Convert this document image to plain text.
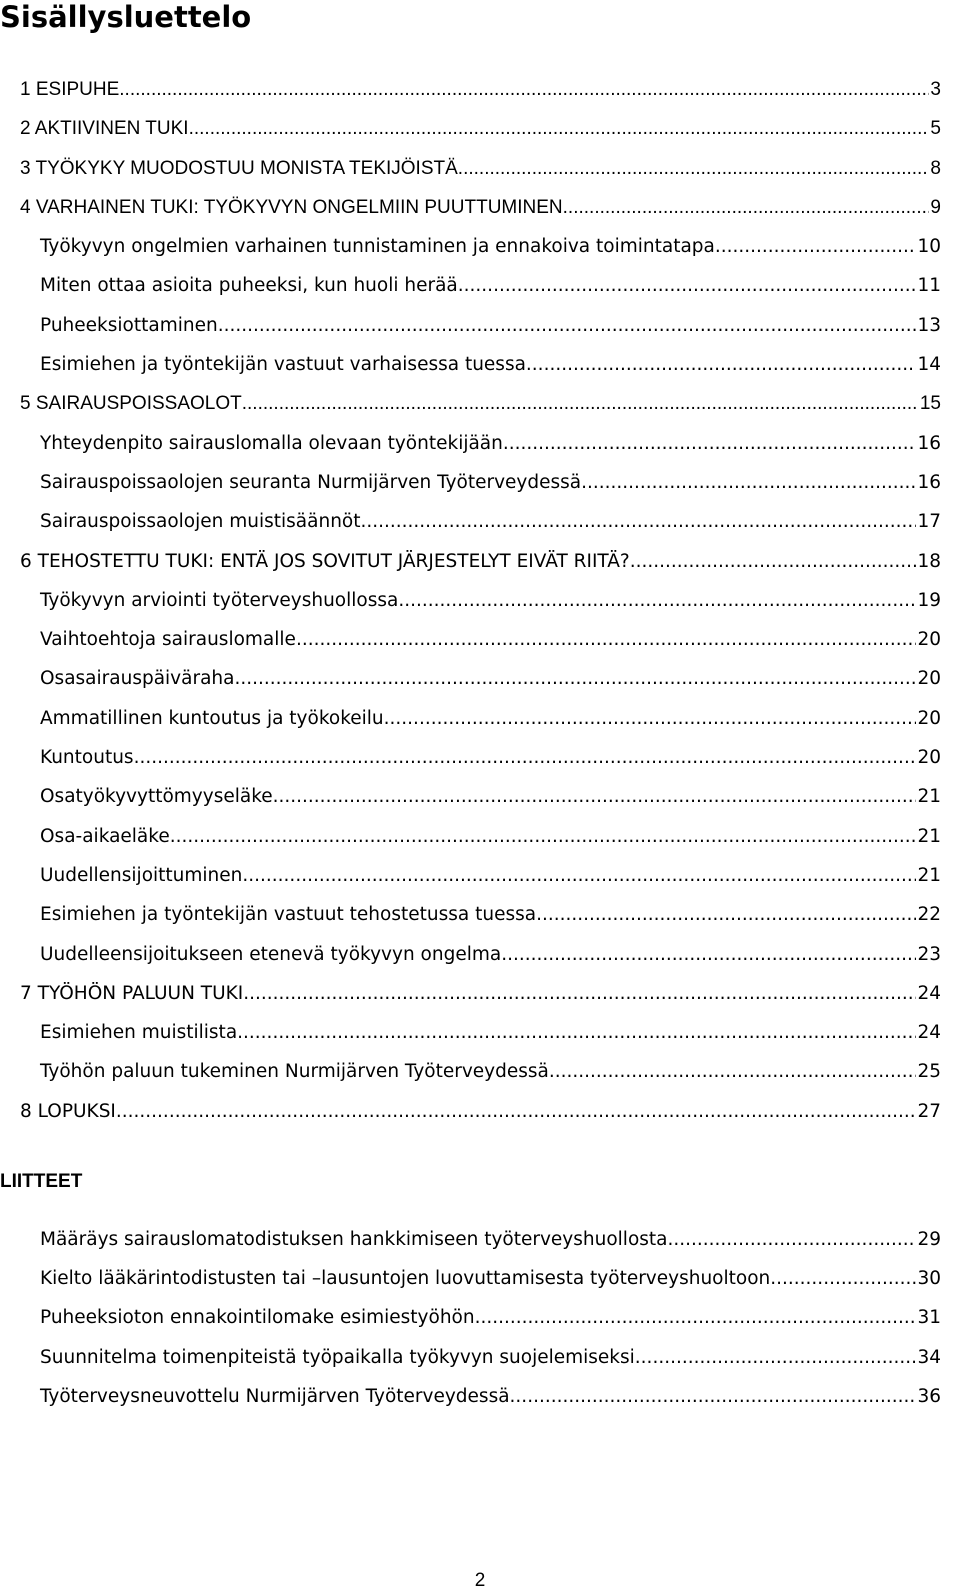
Sisällysluettelo
1 ESIPUHE .....	3
2 AKTIIVINEN TUKI .....	5
3 TYÖKYKY MUODOSTUU MONISTA TEKIJÖISTÄ .....	8
4 VARHAINEN TUKI: TYÖKYVYN ONGELMIIN PUUTTUMINEN .....	9
Työkyvyn ongelmien varhainen tunnistaminen ja ennakoiva toimintatapa .....	10
Miten ottaa asioita puheeksi, kun huoli herää .....	11
Puheeksiottaminen .....	13
Esimiehen ja työntekijän vastuut varhaisessa tuessa .....	14
5 SAIRAUSPOISSAOLOT .....	15
Yhteydenpito sairauslomalla olevaan työntekijään .....	16
Sairauspoissaolojen seuranta Nurmijärven Työterveydessä .....	16
Sairauspoissaolojen muistisäännöt .....	17
6 TEHOSTETTU TUKI: ENTÄ JOS SOVITUT JÄRJESTELYT EIVÄT RIITÄ? .....	18
Työkyvyn arviointi työterveyshuollossa .....	19
Vaihtoehtoja sairauslomalle .....	20
Osasairauspäiväraha .....	20
Ammatillinen kuntoutus ja työkokeilu .....	20
Kuntoutus .....	20
Osatyökyvyttömyyseläke .....	21
Osa-aikaeläke .....	21
Uudellensijoittuminen .....	21
Esimiehen ja työntekijän vastuut tehostetussa tuessa .....	22
Uudelleensijoitukseen etenevä työkyvyn ongelma .....	23
7 TYÖHÖN PALUUN TUKI .....	24
Esimiehen muistilista .....	24
Työhön paluun tukeminen Nurmijärven Työterveydessä .....	25
8 LOPUKSI .....	27
LIITTEET
Määräys sairauslomatodistuksen hankkimiseen työterveyshuollosta .....	29
Kielto lääkärintodistusten tai –lausuntojen luovuttamisesta työterveyshuoltoon .....	30
Puheeksioton ennakointilomake esimiestyöhön .....	31
Suunnitelma toimenpiteistä työpaikalla työkyvyn suojelemiseksi .....	34
Työterveysneuvottelu Nurmijärven Työterveydessä .....	36
2
